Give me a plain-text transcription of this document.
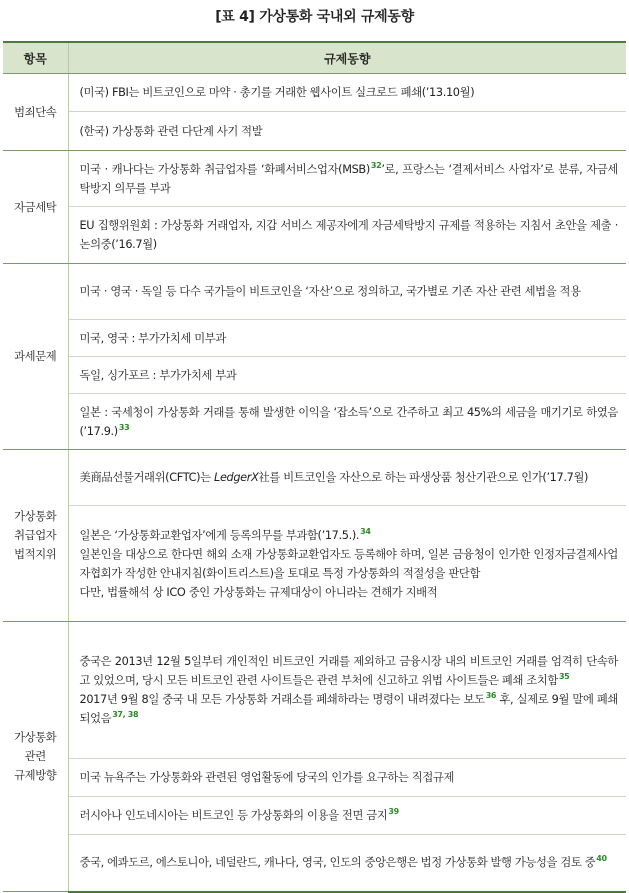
[표 4] 가상통화 국내외 규제동향
항목	규제동향
범죄단속	(미국) FBI는 비트코인으로 마약 · 총기를 거래한 웹사이트 실크로드 폐쇄(’13.10월)
	(한국) 가상통화 관련 다단계 사기 적발
자금세탁	미국 · 캐나다는 가상통화 취급업자를 ‘화폐서비스업자(MSB)$^{32}$’로, 프랑스는 ‘결제서비스 사업자’로 분류, 자금세탁방지 의무를 부과
	EU 집행위원회 : 가상통화 거래업자, 지갑 서비스 제공자에게 자금세탁방지 규제를 적용하는 지침서 초안을 제출 · 논의중(’16.7월)
과세문제	미국 · 영국 · 독일 등 다수 국가들이 비트코인을 ‘자산’으로 정의하고, 국가별로 기존 자산 관련 세법을 적용
	미국, 영국 : 부가가치세 미부과
	독일, 싱가포르 : 부가가치세 부과
	일본 : 국세청이 가상통화 거래를 통해 발생한 이익을 ‘잡소득’으로 간주하고 최고 45%의 세금을 매기기로 하였음(’17.9.)$^{33}$

가상통화
취급업자
법적지위	美商品선물거래위(CFTC)는 LedgerX社를 비트코인을 자산으로 하는 파생상품 청산기관으로 인가(’17.7월)

	일본은 ‘가상통화교환업자’에게 등록의무를 부과함(’17.5.).$^{34}$
일본인을 대상으로 한다면 해외 소재 가상통화교환업자도 등록해야 하며, 일본 금융청이 인가한 인정자금결제사업자협회가 작성한 안내지침(화이트리스트)을 토대로 특정 가상통화의 적절성을 판단함
다만, 법률해석 상 ICO 중인 가상통화는 규제대상이 아니라는 견해가 지배적

가상통화
관련
규제방향	중국은 2013년 12월 5일부터 개인적인 비트코인 거래를 제외하고 금융시장 내의 비트코인 거래를 엄격히 단속하고 있었으며, 당시 모든 비트코인 관련 사이트들은 관련 부처에 신고하고 위법 사이트들은 폐쇄 조치함$^{35}$
2017년 9월 8일 중국 내 모든 가상통화 거래소를 폐쇄하라는 명령이 내려졌다는 보도$^{36}$ 후, 실제로 9월 말에 폐쇄되었음$^{37, 38}$

	미국 뉴욕주는 가상통화와 관련된 영업활동에 당국의 인가를 요구하는 직접규제
	러시아나 인도네시아는 비트코인 등 가상통화의 이용을 전면 금지$^{39}$
	중국, 에콰도르, 에스토니아, 네덜란드, 캐나다, 영국, 인도의 중앙은행은 법정 가상통화 발행 가능성을 검토 중$^{40}$
